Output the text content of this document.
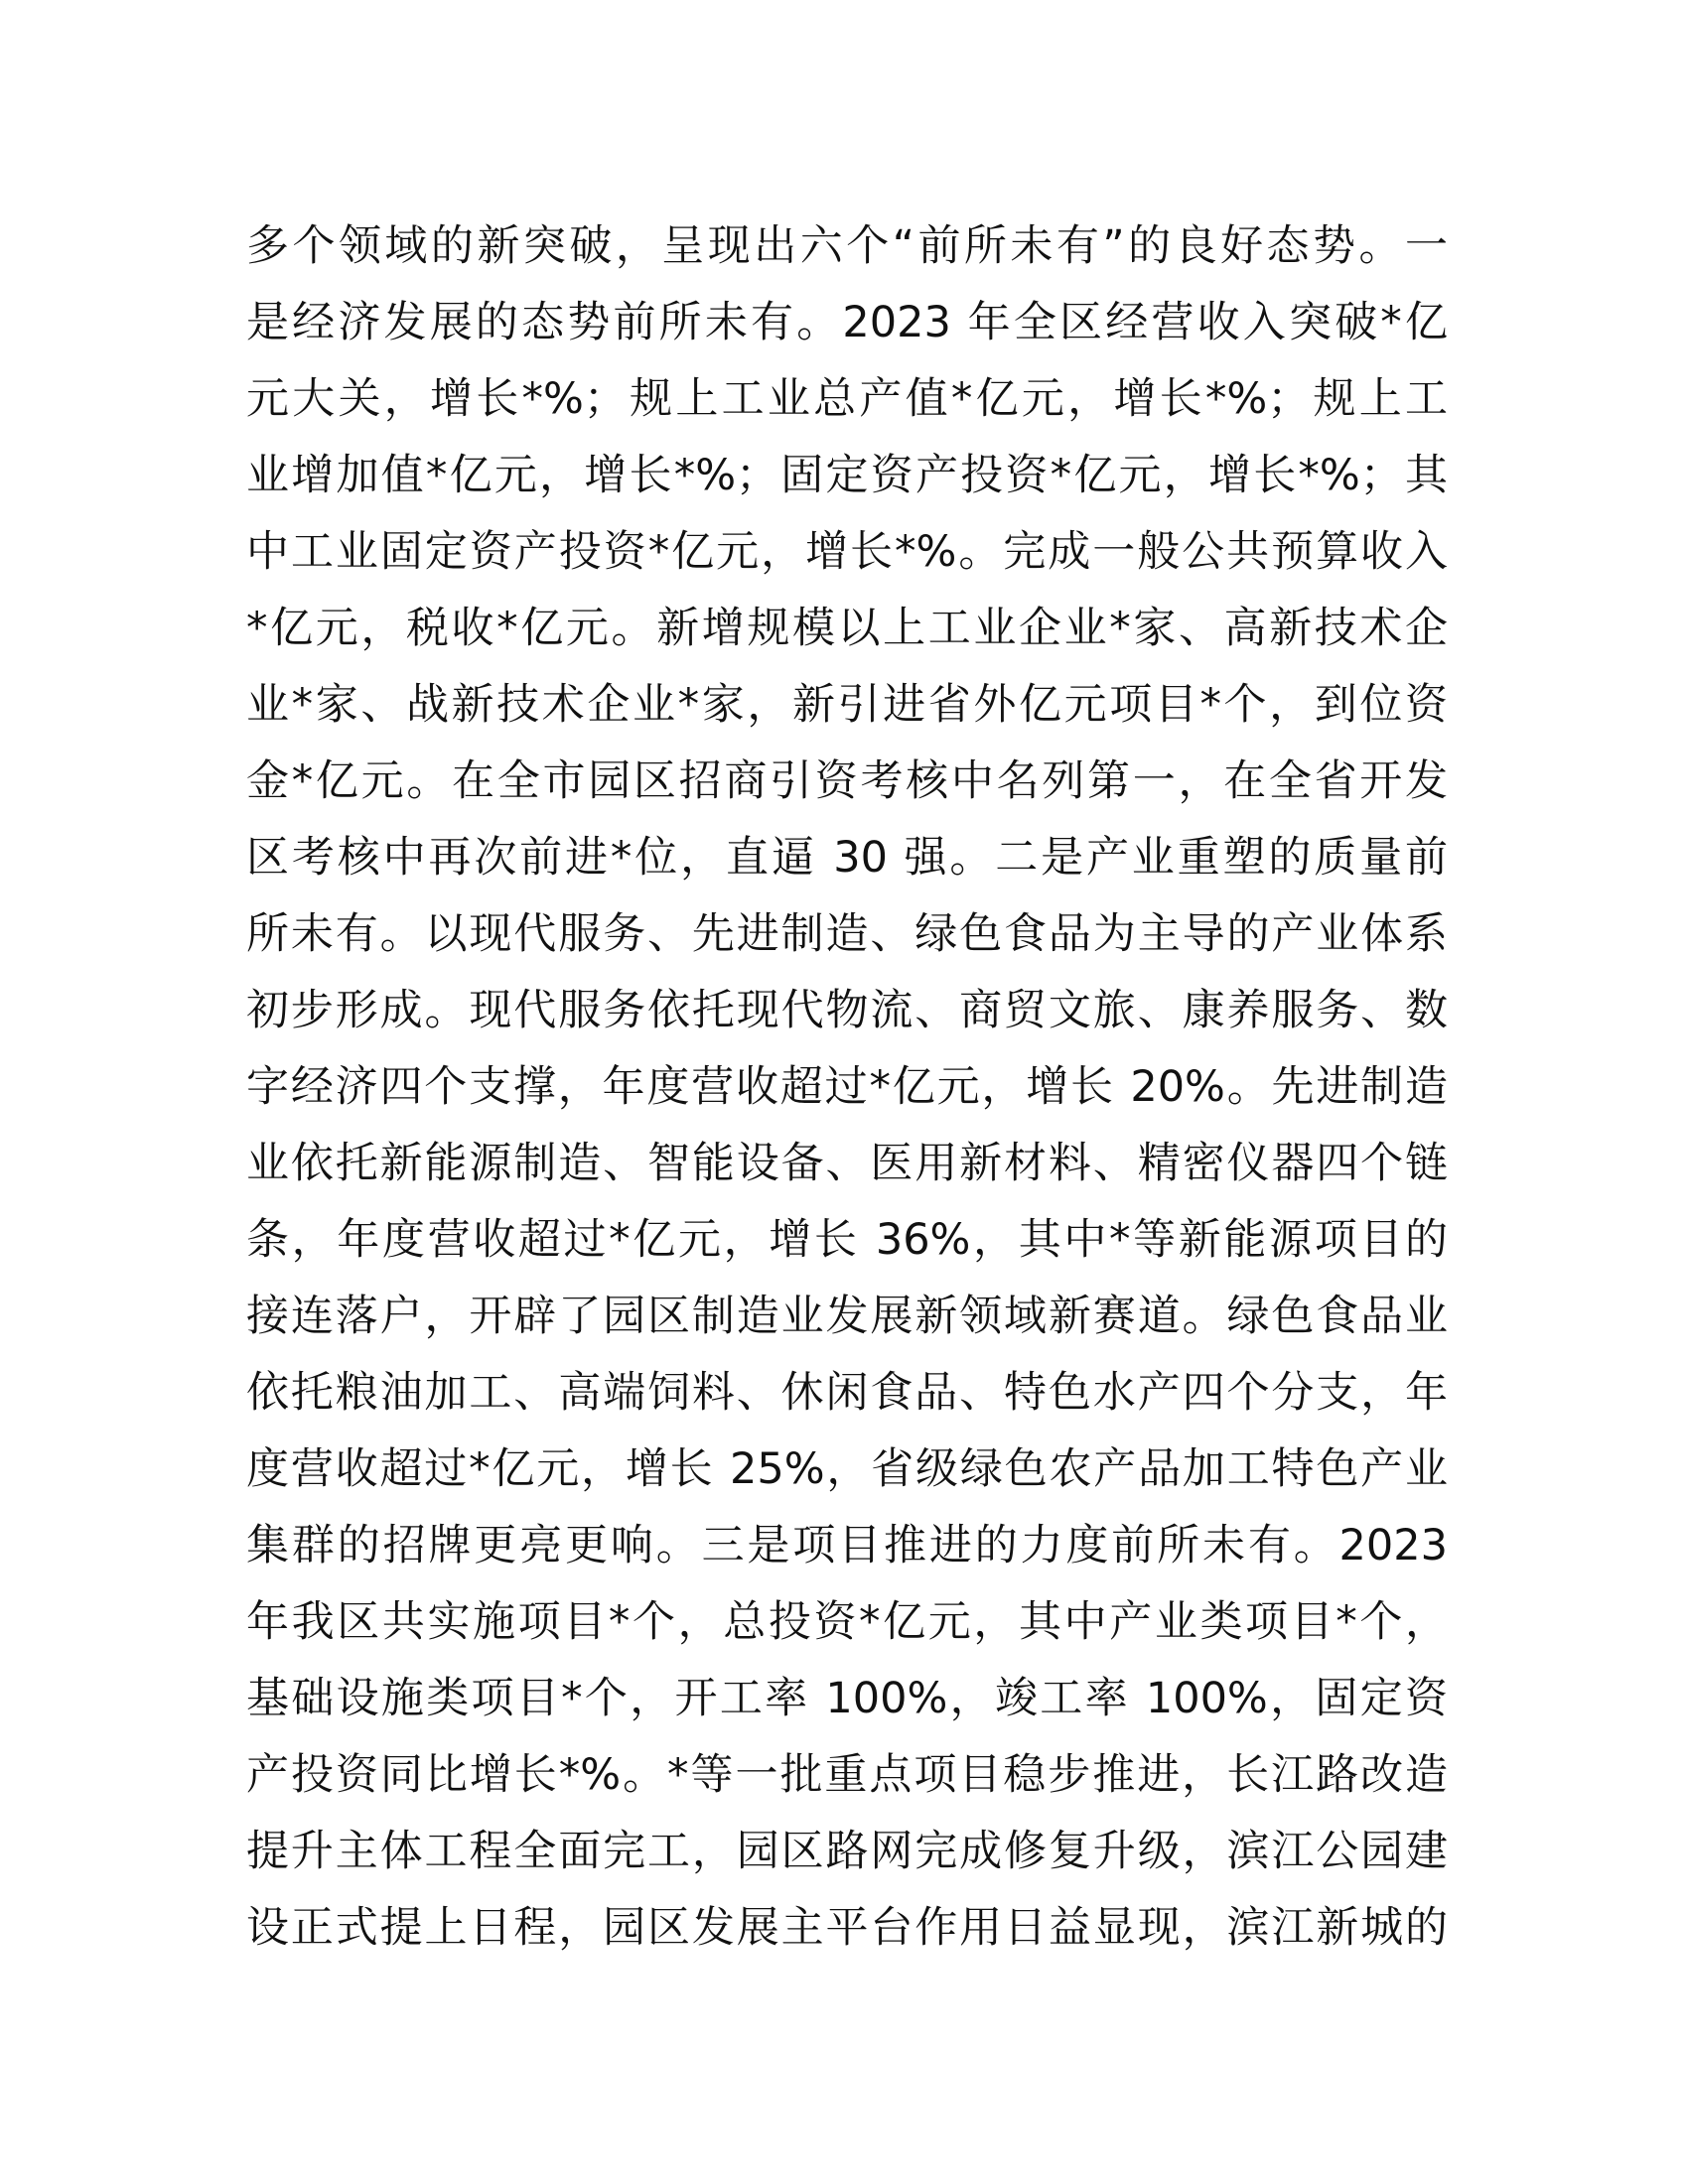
多个领域的新突破，呈现出六个“前所未有”的良好态势。一
是经济发展的态势前所未有。2023 年全区经营收入突破*亿
元大关，增长*%；规上工业总产值*亿元，增长*%；规上工
业增加值*亿元，增长*%；固定资产投资*亿元，增长*%；其
中工业固定资产投资*亿元，增长*%。完成一般公共预算收入
*亿元，税收*亿元。新增规模以上工业企业*家、高新技术企
业*家、战新技术企业*家，新引进省外亿元项目*个，到位资
金*亿元。在全市园区招商引资考核中名列第一，在全省开发
区考核中再次前进*位，直逼 30 强。二是产业重塑的质量前
所未有。以现代服务、先进制造、绿色食品为主导的产业体系
初步形成。现代服务依托现代物流、商贸文旅、康养服务、数
字经济四个支撑，年度营收超过*亿元，增长 20%。先进制造
业依托新能源制造、智能设备、医用新材料、精密仪器四个链
条，年度营收超过*亿元，增长 36%，其中*等新能源项目的
接连落户，开辟了园区制造业发展新领域新赛道。绿色食品业
依托粮油加工、高端饲料、休闲食品、特色水产四个分支，年
度营收超过*亿元，增长 25%，省级绿色农产品加工特色产业
集群的招牌更亮更响。三是项目推进的力度前所未有。2023
年我区共实施项目*个，总投资*亿元，其中产业类项目*个，
基础设施类项目*个，开工率 100%，竣工率 100%，固定资
产投资同比增长*%。*等一批重点项目稳步推进，长江路改造
提升主体工程全面完工，园区路网完成修复升级，滨江公园建
设正式提上日程，园区发展主平台作用日益显现，滨江新城的
